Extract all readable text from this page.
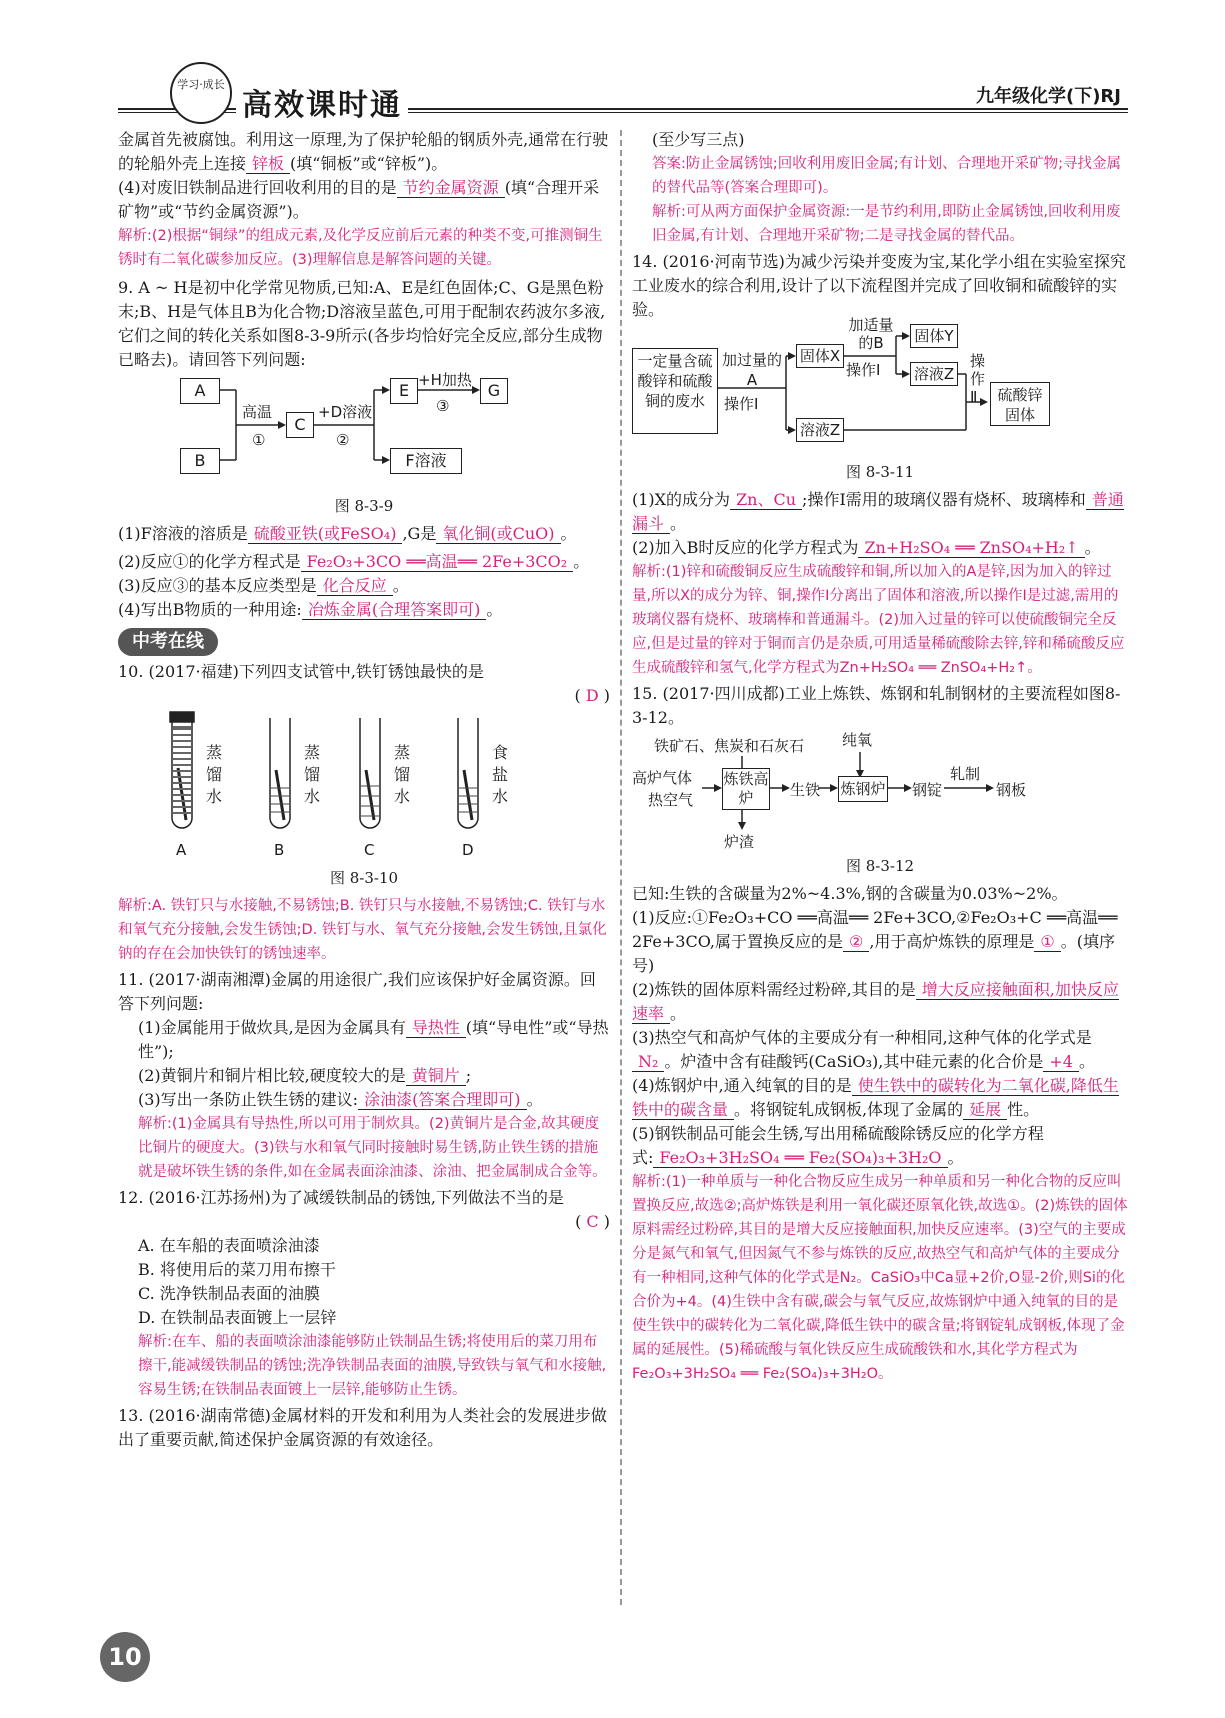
学习·成长
高效课时通	九年级化学(下)RJ

金属首先被腐蚀。利用这一原理,为了保护轮船的钢质外壳,通常在行驶的轮船外壳上连接 锌板 (填“铜板”或“锌板”)。

(4)对废旧铁制品进行回收利用的目的是 节约金属资源 (填“合理开采矿物”或“节约金属资源”)。

解析:(2)根据“铜绿”的组成元素,及化学反应前后元素的种类不变,可推测铜生锈时有二氧化碳参加反应。(3)理解信息是解答问题的关键。

9. A ~ H是初中化学常见物质,已知:A、E是红色固体;C、G是黑色粉末;B、H是气体且B为化合物;D溶液呈蓝色,可用于配制农药波尔多液,它们之间的转化关系如图8-3-9所示(各步均恰好完全反应,部分生成物已略去)。请回答下列问题:

A
B
C
E	G
F溶液
高温
①
+D溶液
②
+H加热
③

图 8-3-9

(1)F溶液的溶质是 硫酸亚铁(或FeSO₄) ,G是 氧化铜(或CuO) 。

(2)反应①的化学方程式是 Fe₂O₃+3CO ══高温══ 2Fe+3CO₂ 。

(3)反应③的基本反应类型是 化合反应 。

(4)写出B物质的一种用途: 冶炼金属(合理答案即可) 。

中考在线

10. (2017·福建)下列四支试管中,铁钉锈蚀最快的是

( D )

蒸馏水
蒸馏水
蒸馏水
食盐水
A	B	C	D

图 8-3-10

解析:A. 铁钉只与水接触,不易锈蚀;B. 铁钉只与水接触,不易锈蚀;C. 铁钉与水和氧气充分接触,会发生锈蚀;D. 铁钉与水、氧气充分接触,会发生锈蚀,且氯化钠的存在会加快铁钉的锈蚀速率。

11. (2017·湖南湘潭)金属的用途很广,我们应该保护好金属资源。回答下列问题:

(1)金属能用于做炊具,是因为金属具有 导热性 (填“导电性”或“导热性”);

(2)黄铜片和铜片相比较,硬度较大的是 黄铜片 ;

(3)写出一条防止铁生锈的建议: 涂油漆(答案合理即可) 。

解析:(1)金属具有导热性,所以可用于制炊具。(2)黄铜片是合金,故其硬度比铜片的硬度大。(3)铁与水和氧气同时接触时易生锈,防止铁生锈的措施就是破坏铁生锈的条件,如在金属表面涂油漆、涂油、把金属制成合金等。

12. (2016·江苏扬州)为了减缓铁制品的锈蚀,下列做法不当的是

( C )

A. 在车船的表面喷涂油漆

B. 将使用后的菜刀用布擦干

C. 洗净铁制品表面的油膜

D. 在铁制品表面镀上一层锌

解析:在车、船的表面喷涂油漆能够防止铁制品生锈;将使用后的菜刀用布擦干,能减缓铁制品的锈蚀;洗净铁制品表面的油膜,导致铁与氧气和水接触,容易生锈;在铁制品表面镀上一层锌,能够防止生锈。

13. (2016·湖南常德)金属材料的开发和利用为人类社会的发展进步做出了重要贡献,简述保护金属资源的有效途径。

(至少写三点)

答案:防止金属锈蚀;回收利用废旧金属;有计划、合理地开采矿物;寻找金属的替代品等(答案合理即可)。

解析:可从两方面保护金属资源:一是节约利用,即防止金属锈蚀,回收利用废旧金属,有计划、合理地开采矿物;二是寻找金属的替代品。

14. (2016·河南节选)为减少污染并变废为宝,某化学小组在实验室探究工业废水的综合利用,设计了以下流程图并完成了回收铜和硫酸锌的实验。

一定量含硫酸锌和硫酸铜的废水
加过量的A
操作Ⅰ
固体X
加适量的B
操作Ⅰ
固体Y
溶液Z
溶液Z
操作Ⅱ	硫酸锌固体

图 8-3-11

(1)X的成分为 Zn、Cu ;操作Ⅰ需用的玻璃仪器有烧杯、玻璃棒和 普通漏斗 。

(2)加入B时反应的化学方程式为 Zn+H₂SO₄ ══ ZnSO₄+H₂↑ 。

解析:(1)锌和硫酸铜反应生成硫酸锌和铜,所以加入的A是锌,因为加入的锌过量,所以X的成分为锌、铜,操作Ⅰ分离出了固体和溶液,所以操作Ⅰ是过滤,需用的玻璃仪器有烧杯、玻璃棒和普通漏斗。(2)加入过量的锌可以使硫酸铜完全反应,但是过量的锌对于铜而言仍是杂质,可用适量稀硫酸除去锌,锌和稀硫酸反应生成硫酸锌和氢气,化学方程式为Zn+H₂SO₄ ══ ZnSO₄+H₂↑。

15. (2017·四川成都)工业上炼铁、炼钢和轧制钢材的主要流程如图8-3-12。

铁矿石、焦炭和石灰石	纯氧
高炉气体
热空气
炼铁高炉	生铁 炼钢炉 钢锭
轧制
钢板
炉渣

图 8-3-12

已知:生铁的含碳量为2%~4.3%,钢的含碳量为0.03%~2%。

(1)反应:①Fe₂O₃+CO ══高温══ 2Fe+3CO,②Fe₂O₃+C ══高温══ 2Fe+3CO,属于置换反应的是 ② ,用于高炉炼铁的原理是 ① 。(填序号)

(2)炼铁的固体原料需经过粉碎,其目的是 增大反应接触面积,加快反应速率 。

(3)热空气和高炉气体的主要成分有一种相同,这种气体的化学式是N₂ 。炉渣中含有硅酸钙(CaSiO₃),其中硅元素的化合价是 +4 。

(4)炼钢炉中,通入纯氧的目的是 使生铁中的碳转化为二氧化碳,降低生铁中的碳含量 。将钢锭轧成钢板,体现了金属的 延展 性。

(5)钢铁制品可能会生锈,写出用稀硫酸除锈反应的化学方程式: Fe₂O₃+3H₂SO₄ ══ Fe₂(SO₄)₃+3H₂O 。

解析:(1)一种单质与一种化合物反应生成另一种单质和另一种化合物的反应叫置换反应,故选②;高炉炼铁是利用一氧化碳还原氧化铁,故选①。(2)炼铁的固体原料需经过粉碎,其目的是增大反应接触面积,加快反应速率。(3)空气的主要成分是氮气和氧气,但因氮气不参与炼铁的反应,故热空气和高炉气体的主要成分有一种相同,这种气体的化学式是N₂。CaSiO₃中Ca显+2价,O显-2价,则Si的化合价为+4。(4)生铁中含有碳,碳会与氧气反应,故炼钢炉中通入纯氧的目的是使生铁中的碳转化为二氧化碳,降低生铁中的碳含量;将钢锭轧成钢板,体现了金属的延展性。(5)稀硫酸与氧化铁反应生成硫酸铁和水,其化学方程式为Fe₂O₃+3H₂SO₄ ══ Fe₂(SO₄)₃+3H₂O。

10
